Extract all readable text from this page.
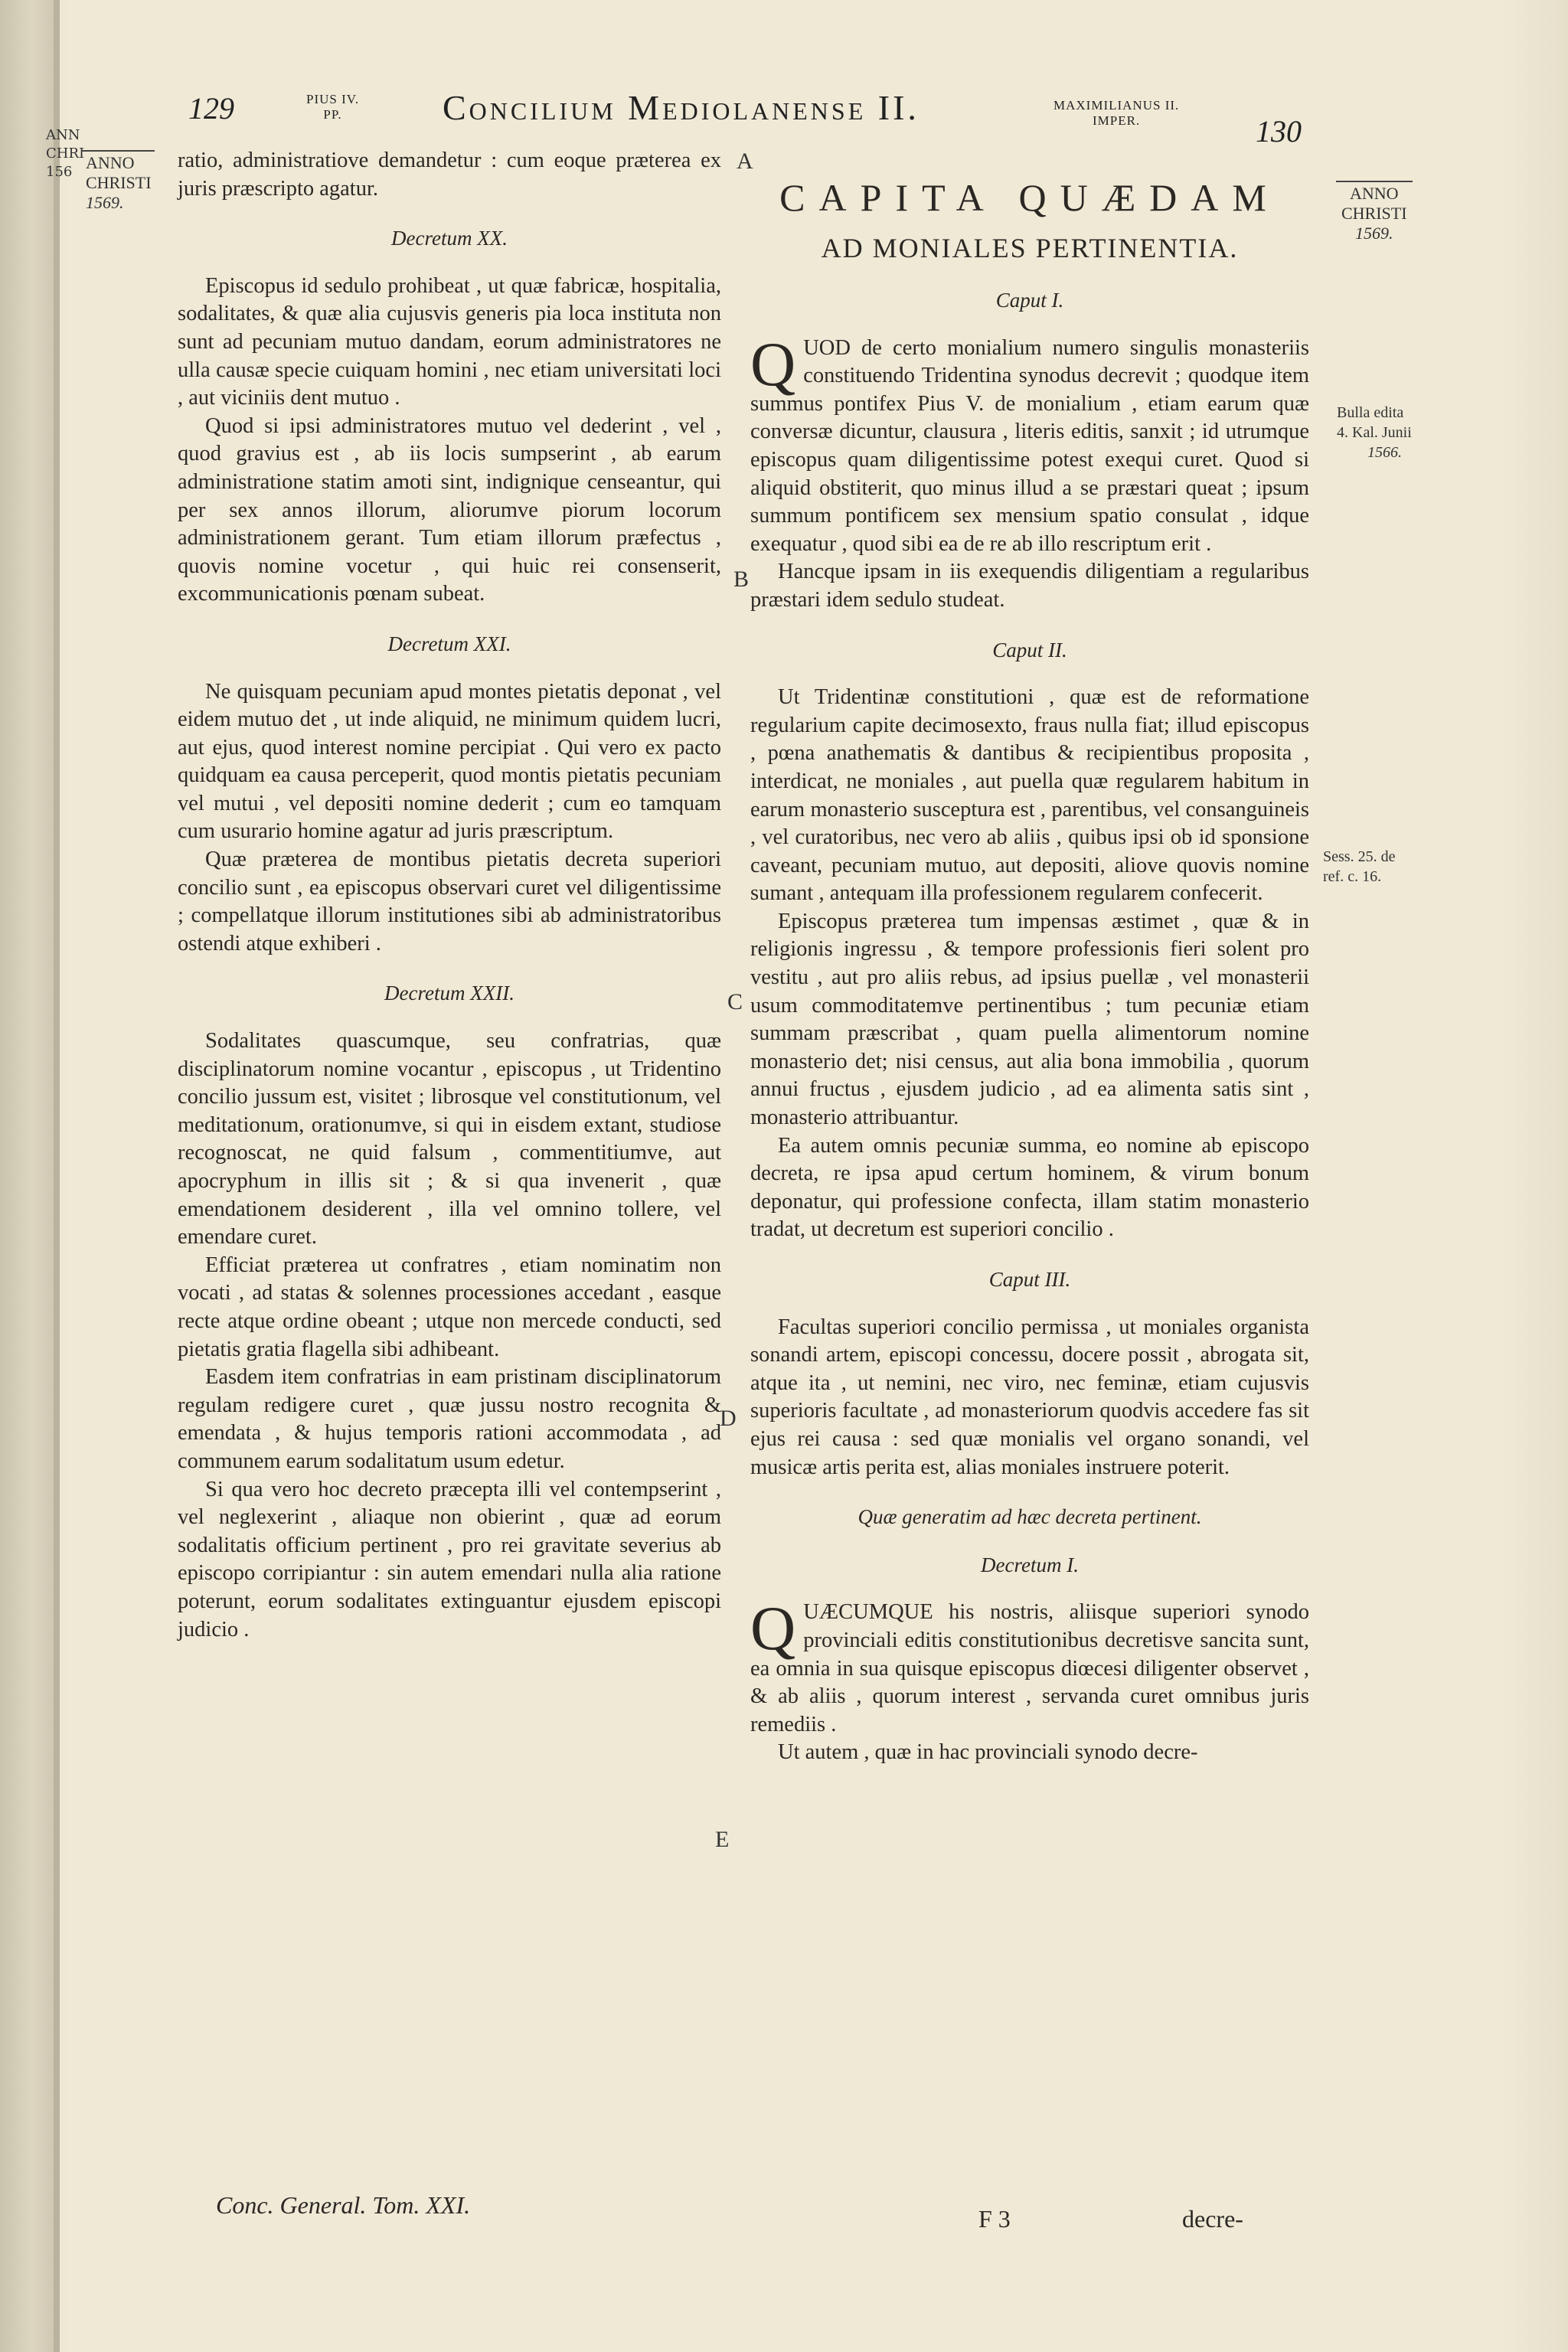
ANN CHRI 156
129	PIUS IV.
PP.	Concilium Mediolanense II.	MAXIMILIANUS II.
IMPER.	130
ANNO
CHRISTI
1569.	ANNO
CHRISTI
1569.
Bulla edita
4. Kal. Junii
1566.
Sess. 25. de
ref. c. 16.
A
B
C
D
E

ratio, administratiove demandetur : cum eoque præterea ex juris præscripto agatur.

Decretum XX.

Episcopus id sedulo prohibeat , ut quæ fabricæ, hospitalia, sodalitates, & quæ alia cujusvis generis pia loca instituta non sunt ad pecuniam mutuo dandam, eorum administratores ne ulla causæ specie cuiquam homini , nec etiam universitati loci , aut viciniis dent mutuo .

Quod si ipsi administratores mutuo vel dederint , vel , quod gravius est , ab iis locis sumpserint , ab earum administratione statim amoti sint, indignique censeantur, qui per sex annos illorum, aliorumve piorum locorum administrationem gerant. Tum etiam illorum præfectus , quovis nomine vocetur , qui huic rei consenserit, excommunicationis pœnam subeat.

Decretum XXI.

Ne quisquam pecuniam apud montes pietatis deponat , vel eidem mutuo det , ut inde aliquid, ne minimum quidem lucri, aut ejus, quod interest nomine percipiat . Qui vero ex pacto quidquam ea causa perceperit, quod montis pietatis pecuniam vel mutui , vel depositi nomine dederit ; cum eo tamquam cum usurario homine agatur ad juris præscriptum.

Quæ præterea de montibus pietatis decreta superiori concilio sunt , ea episcopus observari curet vel diligentissime ; compellatque illorum institutiones sibi ab administratoribus ostendi atque exhiberi .

Decretum XXII.

Sodalitates quascumque, seu confratrias, quæ disciplinatorum nomine vocantur , episcopus , ut Tridentino concilio jussum est, visitet ; librosque vel constitutionum, vel meditationum, orationumve, si qui in eisdem extant, studiose recognoscat, ne quid falsum , commentitiumve, aut apocryphum in illis sit ; & si qua invenerit , quæ emendationem desiderent , illa vel omnino tollere, vel emendare curet.

Efficiat præterea ut confratres , etiam nominatim non vocati , ad statas & solennes processiones accedant , easque recte atque ordine obeant ; utque non mercede conducti, sed pietatis gratia flagella sibi adhibeant.

Easdem item confratrias in eam pristinam disciplinatorum regulam redigere curet , quæ jussu nostro recognita & emendata , & hujus temporis rationi accommodata , ad communem earum sodalitatum usum edetur.

Si qua vero hoc decreto præcepta illi vel contempserint , vel neglexerint , aliaque non obierint , quæ ad eorum sodalitatis officium pertinent , pro rei gravitate severius ab episcopo corripiantur : sin autem emendari nulla alia ratione poterunt, eorum sodalitates extinguantur ejusdem episcopi judicio .

CAPITA QUÆDAM
AD MONIALES PERTINENTIA.
Caput I.

QUOD de certo monialium numero singulis monasteriis constituendo Tridentina synodus decrevit ; quodque item summus pontifex Pius V. de monialium , etiam earum quæ conversæ dicuntur, clausura , literis editis, sanxit ; id utrumque episcopus quam diligentissime potest exequi curet. Quod si aliquid obstiterit, quo minus illud a se præstari queat ; ipsum summum pontificem sex mensium spatio consulat , idque exequatur , quod sibi ea de re ab illo rescriptum erit .

Hancque ipsam in iis exequendis diligentiam a regularibus præstari idem sedulo studeat.

Caput II.

Ut Tridentinæ constitutioni , quæ est de reformatione regularium capite decimosexto, fraus nulla fiat; illud episcopus , pœna anathematis & dantibus & recipientibus proposita , interdicat, ne moniales , aut puella quæ regularem habitum in earum monasterio susceptura est , parentibus, vel consanguineis , vel curatoribus, nec vero ab aliis , quibus ipsi ob id sponsione caveant, pecuniam mutuo, aut depositi, aliove quovis nomine sumant , antequam illa professionem regularem confecerit.

Episcopus præterea tum impensas æstimet , quæ & in religionis ingressu , & tempore professionis fieri solent pro vestitu , aut pro aliis rebus, ad ipsius puellæ , vel monasterii usum commoditatemve pertinentibus ; tum pecuniæ etiam summam præscribat , quam puella alimentorum nomine monasterio det; nisi census, aut alia bona immobilia , quorum annui fructus , ejusdem judicio , ad ea alimenta satis sint , monasterio attribuantur.

Ea autem omnis pecuniæ summa, eo nomine ab episcopo decreta, re ipsa apud certum hominem, & virum bonum deponatur, qui professione confecta, illam statim monasterio tradat, ut decretum est superiori concilio .

Caput III.

Facultas superiori concilio permissa , ut moniales organista sonandi artem, episcopi concessu, docere possit , abrogata sit, atque ita , ut nemini, nec viro, nec feminæ, etiam cujusvis superioris facultate , ad monasteriorum quodvis accedere fas sit ejus rei causa : sed quæ monialis vel organo sonandi, vel musicæ artis perita est, alias moniales instruere poterit.

Quæ generatim ad hæc decreta pertinent.
Decretum I.

QUÆCUMQUE his nostris, aliisque superiori synodo provinciali editis constitutionibus decretisve sancita sunt, ea omnia in sua quisque episcopus diœcesi diligenter observet , & ab aliis , quorum interest , servanda curet omnibus juris remediis .

Ut autem , quæ in hac provinciali synodo decre-

Conc. General. Tom. XXI.	F 3	decre-
